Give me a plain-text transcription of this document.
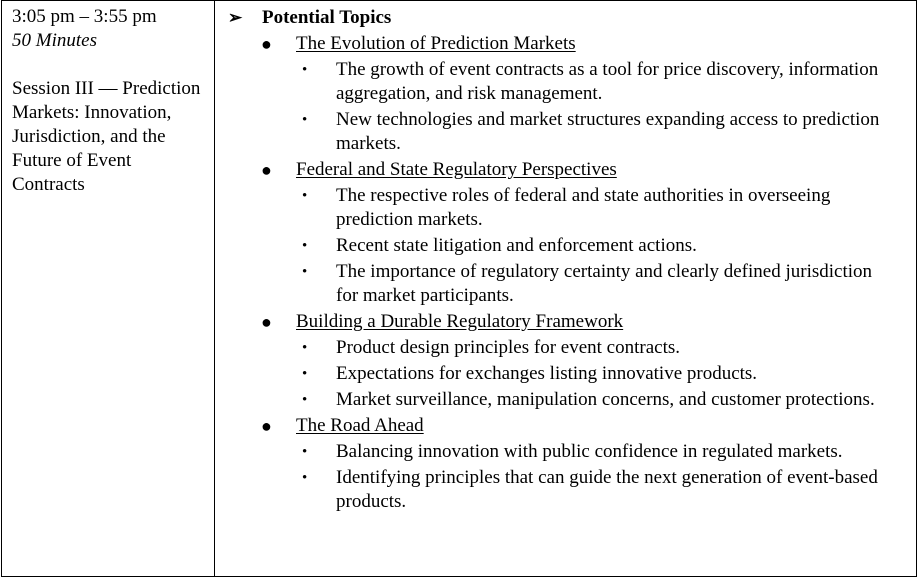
3:05 pm – 3:55 pm
50 Minutes
Session III — Prediction Markets: Innovation, Jurisdiction, and the Future of Event Contracts
➢	Potential Topics
● The Evolution of Prediction Markets
• The growth of event contracts as a tool for price discovery, information aggregation, and risk management.
• New technologies and market structures expanding access to prediction markets.
● Federal and State Regulatory Perspectives
• The respective roles of federal and state authorities in overseeing prediction markets.
• Recent state litigation and enforcement actions.
• The importance of regulatory certainty and clearly defined jurisdiction for market participants.
● Building a Durable Regulatory Framework
• Product design principles for event contracts.
• Expectations for exchanges listing innovative products.
• Market surveillance, manipulation concerns, and customer protections.
● The Road Ahead
• Balancing innovation with public confidence in regulated markets.
• Identifying principles that can guide the next generation of event-based products.
